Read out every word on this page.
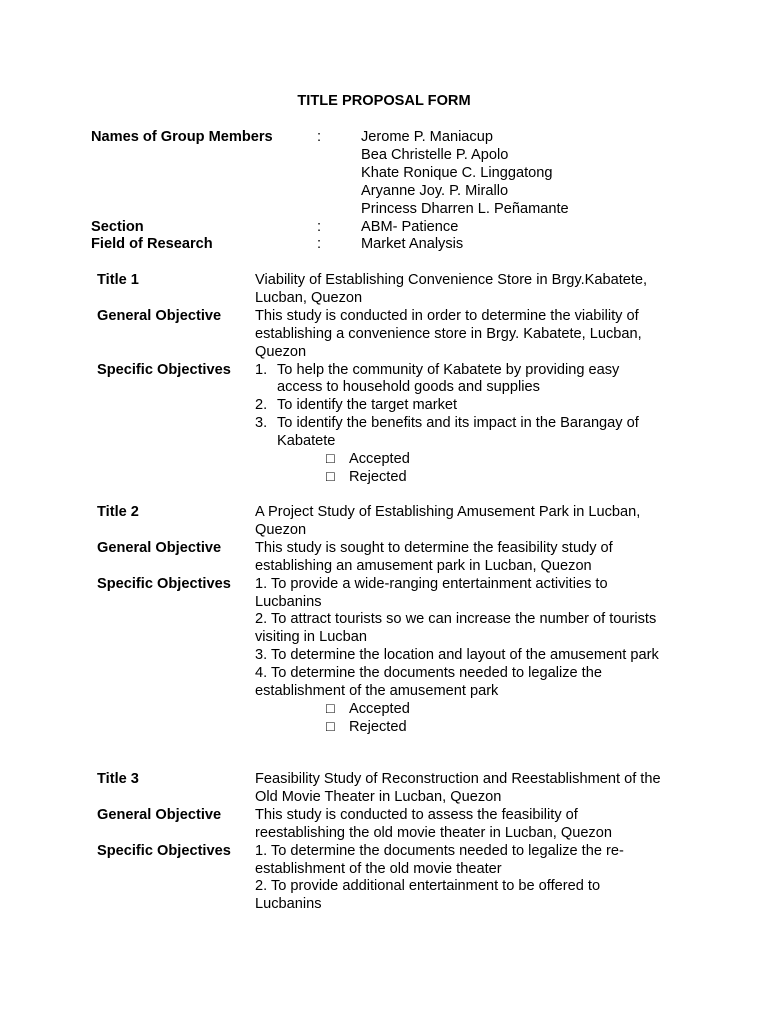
TITLE PROPOSAL FORM
Names of Group Members	:	Jerome P. Maniacup
Bea Christelle P. Apolo
Khate Ronique C. Linggatong
Aryanne Joy. P. Mirallo
Princess Dharren L. Peñamante
Section	:	ABM- Patience
Field of Research	:	Market Analysis
Title 1	Viability of Establishing Convenience Store in Brgy.Kabatete, Lucban, Quezon
General Objective	This study is conducted in order to determine the viability of establishing a convenience store in Brgy. Kabatete, Lucban, Quezon
Specific Objectives	1. To help the community of Kabatete by providing easy access to household goods and supplies
2. To identify the target market
3. To identify the benefits and its impact in the Barangay of Kabatete
□ Accepted
□ Rejected
Title 2	A Project Study of Establishing Amusement Park in Lucban, Quezon
General Objective	This study is sought to determine the feasibility study of establishing an amusement park in Lucban, Quezon
Specific Objectives	1. To provide a wide-ranging entertainment activities to Lucbanins
2. To attract tourists so we can increase the number of tourists visiting in Lucban
3. To determine the location and layout of the amusement park
4. To determine the documents needed to legalize the establishment of the amusement park
□ Accepted
□ Rejected
Title 3	Feasibility Study of Reconstruction and Reestablishment of the Old Movie Theater in Lucban, Quezon
General Objective	This study is conducted to assess the feasibility of reestablishing the old movie theater in Lucban, Quezon
Specific Objectives	1. To determine the documents needed to legalize the re-establishment of the old movie theater
2. To provide additional entertainment to be offered to Lucbanins
